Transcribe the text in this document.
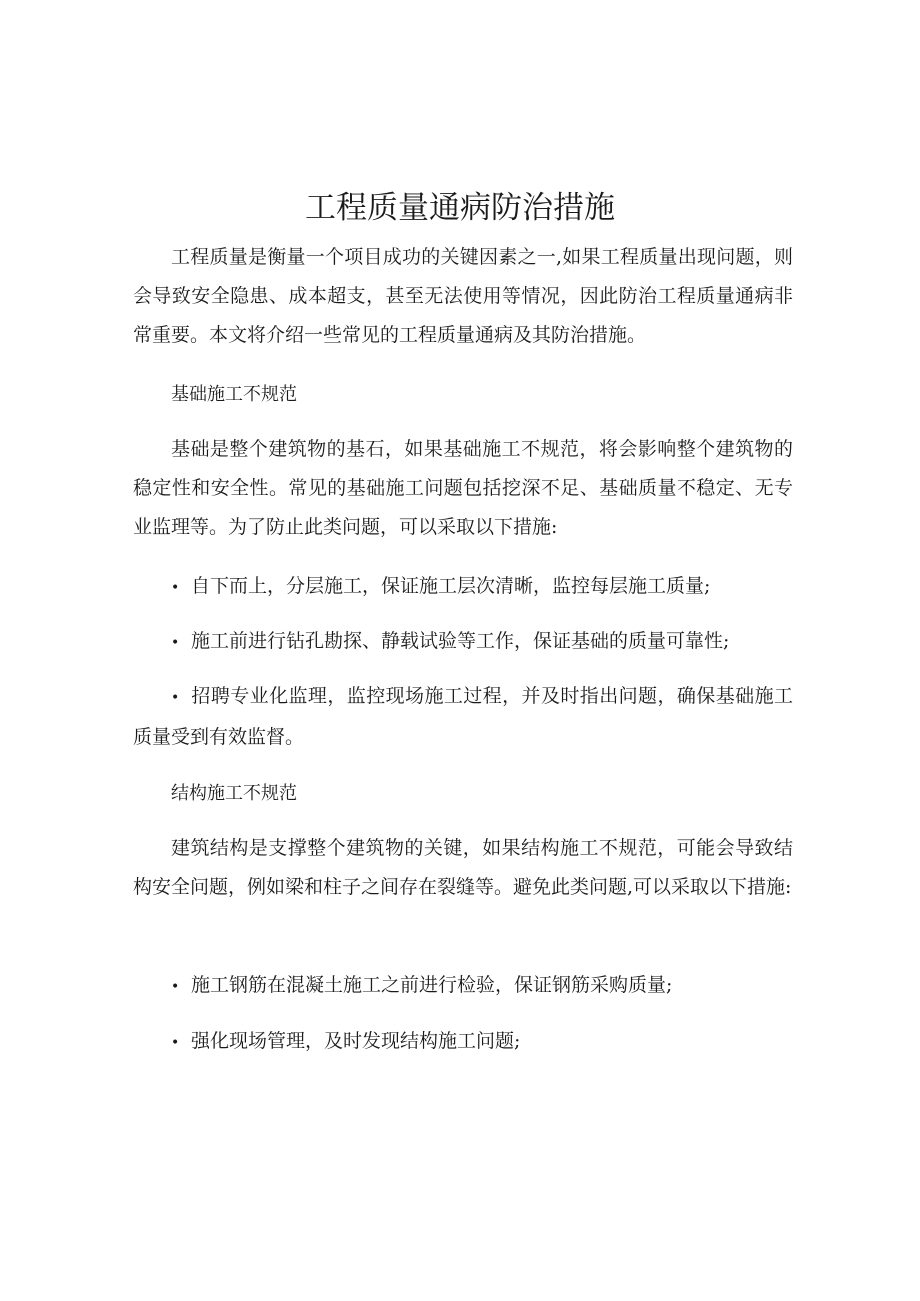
工程质量通病防治措施

工程质量是衡量一个项目成功的关键因素之一,如果工程质量出现问题，则会导致安全隐患、成本超支，甚至无法使用等情况，因此防治工程质量通病非常重要。本文将介绍一些常见的工程质量通病及其防治措施。

基础施工不规范

基础是整个建筑物的基石，如果基础施工不规范，将会影响整个建筑物的稳定性和安全性。常见的基础施工问题包括挖深不足、基础质量不稳定、无专业监理等。为了防止此类问题，可以采取以下措施:

• 自下而上，分层施工，保证施工层次清晰，监控每层施工质量;

• 施工前进行钻孔勘探、静载试验等工作，保证基础的质量可靠性;

• 招聘专业化监理，监控现场施工过程，并及时指出问题，确保基础施工质量受到有效监督。

结构施工不规范

建筑结构是支撑整个建筑物的关键，如果结构施工不规范，可能会导致结构安全问题，例如梁和柱子之间存在裂缝等。避免此类问题,可以采取以下措施:

• 施工钢筋在混凝土施工之前进行检验，保证钢筋采购质量;

• 强化现场管理，及时发现结构施工问题;
